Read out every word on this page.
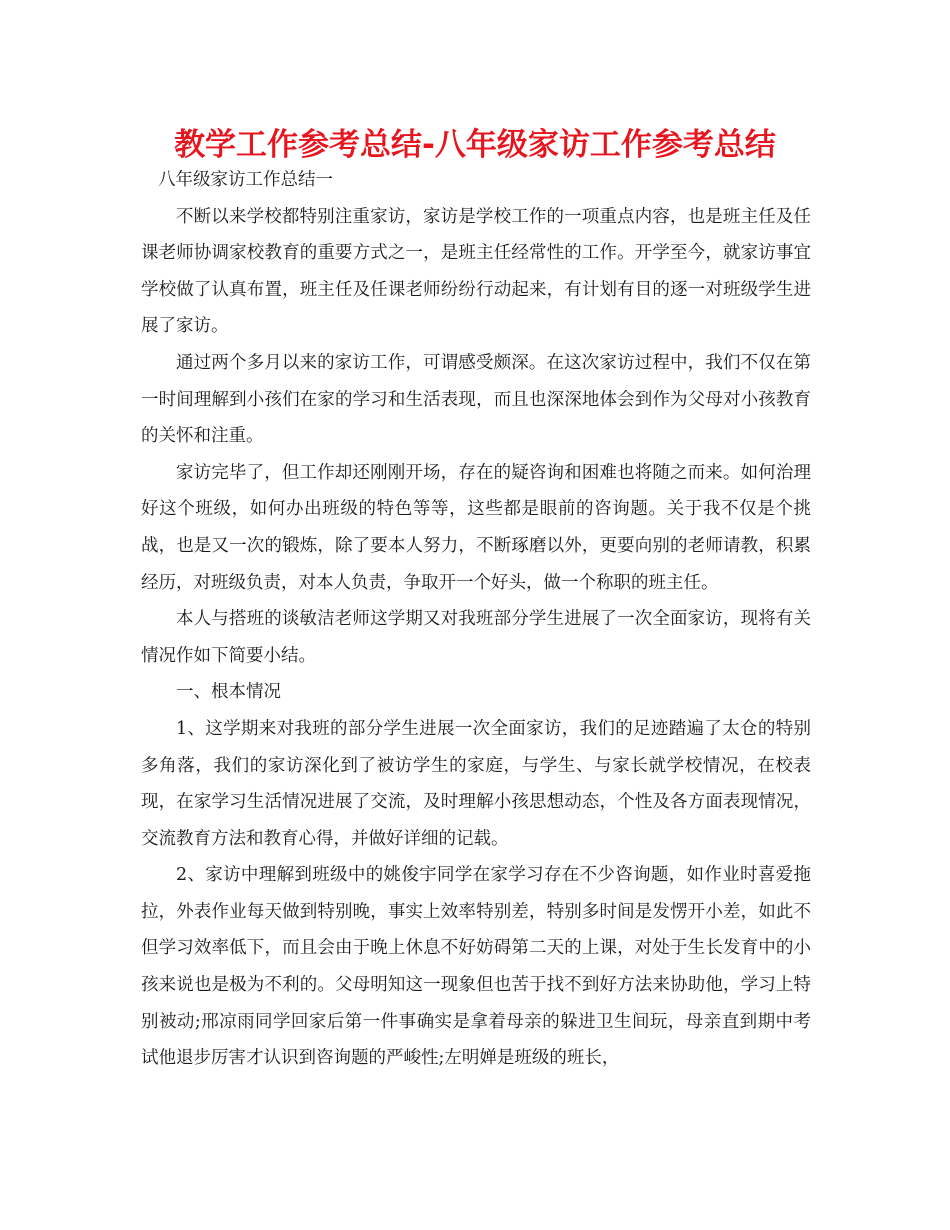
教学工作参考总结-八年级家访工作参考总结

八年级家访工作总结一

不断以来学校都特别注重家访，家访是学校工作的一项重点内容，也是班主任及任课老师协调家校教育的重要方式之一，是班主任经常性的工作。开学至今，就家访事宜学校做了认真布置，班主任及任课老师纷纷行动起来，有计划有目的逐一对班级学生进展了家访。

通过两个多月以来的家访工作，可谓感受颇深。在这次家访过程中，我们不仅在第一时间理解到小孩们在家的学习和生活表现，而且也深深地体会到作为父母对小孩教育的关怀和注重。

家访完毕了，但工作却还刚刚开场，存在的疑咨询和困难也将随之而来。如何治理好这个班级，如何办出班级的特色等等，这些都是眼前的咨询题。关于我不仅是个挑战，也是又一次的锻炼，除了要本人努力，不断琢磨以外，更要向别的老师请教，积累经历，对班级负责，对本人负责，争取开一个好头，做一个称职的班主任。

本人与搭班的谈敏洁老师这学期又对我班部分学生进展了一次全面家访，现将有关情况作如下简要小结。

一、根本情况

1、这学期来对我班的部分学生进展一次全面家访，我们的足迹踏遍了太仓的特别多角落，我们的家访深化到了被访学生的家庭，与学生、与家长就学校情况，在校表现，在家学习生活情况进展了交流，及时理解小孩思想动态，个性及各方面表现情况，交流教育方法和教育心得，并做好详细的记载。

2、家访中理解到班级中的姚俊宇同学在家学习存在不少咨询题，如作业时喜爱拖拉，外表作业每天做到特别晚，事实上效率特别差，特别多时间是发愣开小差，如此不但学习效率低下，而且会由于晚上休息不好妨碍第二天的上课，对处于生长发育中的小孩来说也是极为不利的。父母明知这一现象但也苦于找不到好方法来协助他，学习上特别被动;邢凉雨同学回家后第一件事确实是拿着母亲的躲进卫生间玩，母亲直到期中考试他退步厉害才认识到咨询题的严峻性;左明婵是班级的班长，
